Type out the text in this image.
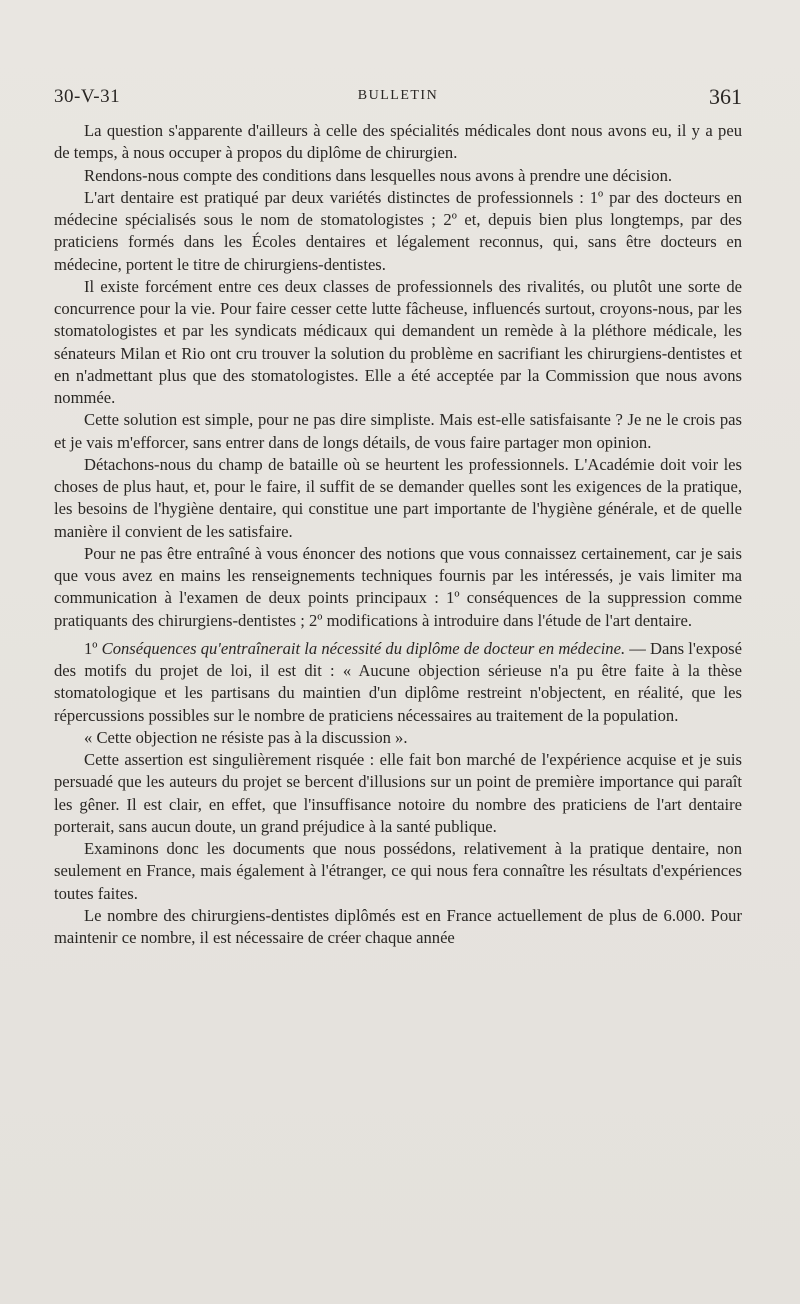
30-V-31	BULLETIN	361

La question s'apparente d'ailleurs à celle des spécialités médicales dont nous avons eu, il y a peu de temps, à nous occuper à propos du diplôme de chirurgien.

Rendons-nous compte des conditions dans lesquelles nous avons à prendre une décision.

L'art dentaire est pratiqué par deux variétés distinctes de professionnels : 1º par des docteurs en médecine spécialisés sous le nom de stomatologistes ; 2º et, depuis bien plus longtemps, par des praticiens formés dans les Écoles dentaires et légalement reconnus, qui, sans être docteurs en médecine, portent le titre de chirurgiens-dentistes.

Il existe forcément entre ces deux classes de professionnels des rivalités, ou plutôt une sorte de concurrence pour la vie. Pour faire cesser cette lutte fâcheuse, influencés surtout, croyons-nous, par les stomatologistes et par les syndicats médicaux qui demandent un remède à la pléthore médicale, les sénateurs Milan et Rio ont cru trouver la solution du problème en sacrifiant les chirurgiens-dentistes et en n'admettant plus que des stomatologistes. Elle a été acceptée par la Commission que nous avons nommée.

Cette solution est simple, pour ne pas dire simpliste. Mais est-elle satisfaisante ? Je ne le crois pas et je vais m'efforcer, sans entrer dans de longs détails, de vous faire partager mon opinion.

Détachons-nous du champ de bataille où se heurtent les professionnels. L'Académie doit voir les choses de plus haut, et, pour le faire, il suffit de se demander quelles sont les exigences de la pratique, les besoins de l'hygiène dentaire, qui constitue une part importante de l'hygiène générale, et de quelle manière il convient de les satisfaire.

Pour ne pas être entraîné à vous énoncer des notions que vous connaissez certainement, car je sais que vous avez en mains les renseignements techniques fournis par les intéressés, je vais limiter ma communication à l'examen de deux points principaux : 1º conséquences de la suppression comme pratiquants des chirurgiens-dentistes ; 2º modifications à introduire dans l'étude de l'art dentaire.

1º Conséquences qu'entraînerait la nécessité du diplôme de docteur en médecine. — Dans l'exposé des motifs du projet de loi, il est dit : « Aucune objection sérieuse n'a pu être faite à la thèse stomatologique et les partisans du maintien d'un diplôme restreint n'objectent, en réalité, que les répercussions possibles sur le nombre de praticiens nécessaires au traitement de la population.

« Cette objection ne résiste pas à la discussion ».

Cette assertion est singulièrement risquée : elle fait bon marché de l'expérience acquise et je suis persuadé que les auteurs du projet se bercent d'illusions sur un point de première importance qui paraît les gêner. Il est clair, en effet, que l'insuffisance notoire du nombre des praticiens de l'art dentaire porterait, sans aucun doute, un grand préjudice à la santé publique.

Examinons donc les documents que nous possédons, relativement à la pratique dentaire, non seulement en France, mais également à l'étranger, ce qui nous fera connaître les résultats d'expériences toutes faites.

Le nombre des chirurgiens-dentistes diplômés est en France actuellement de plus de 6.000. Pour maintenir ce nombre, il est nécessaire de créer chaque année
